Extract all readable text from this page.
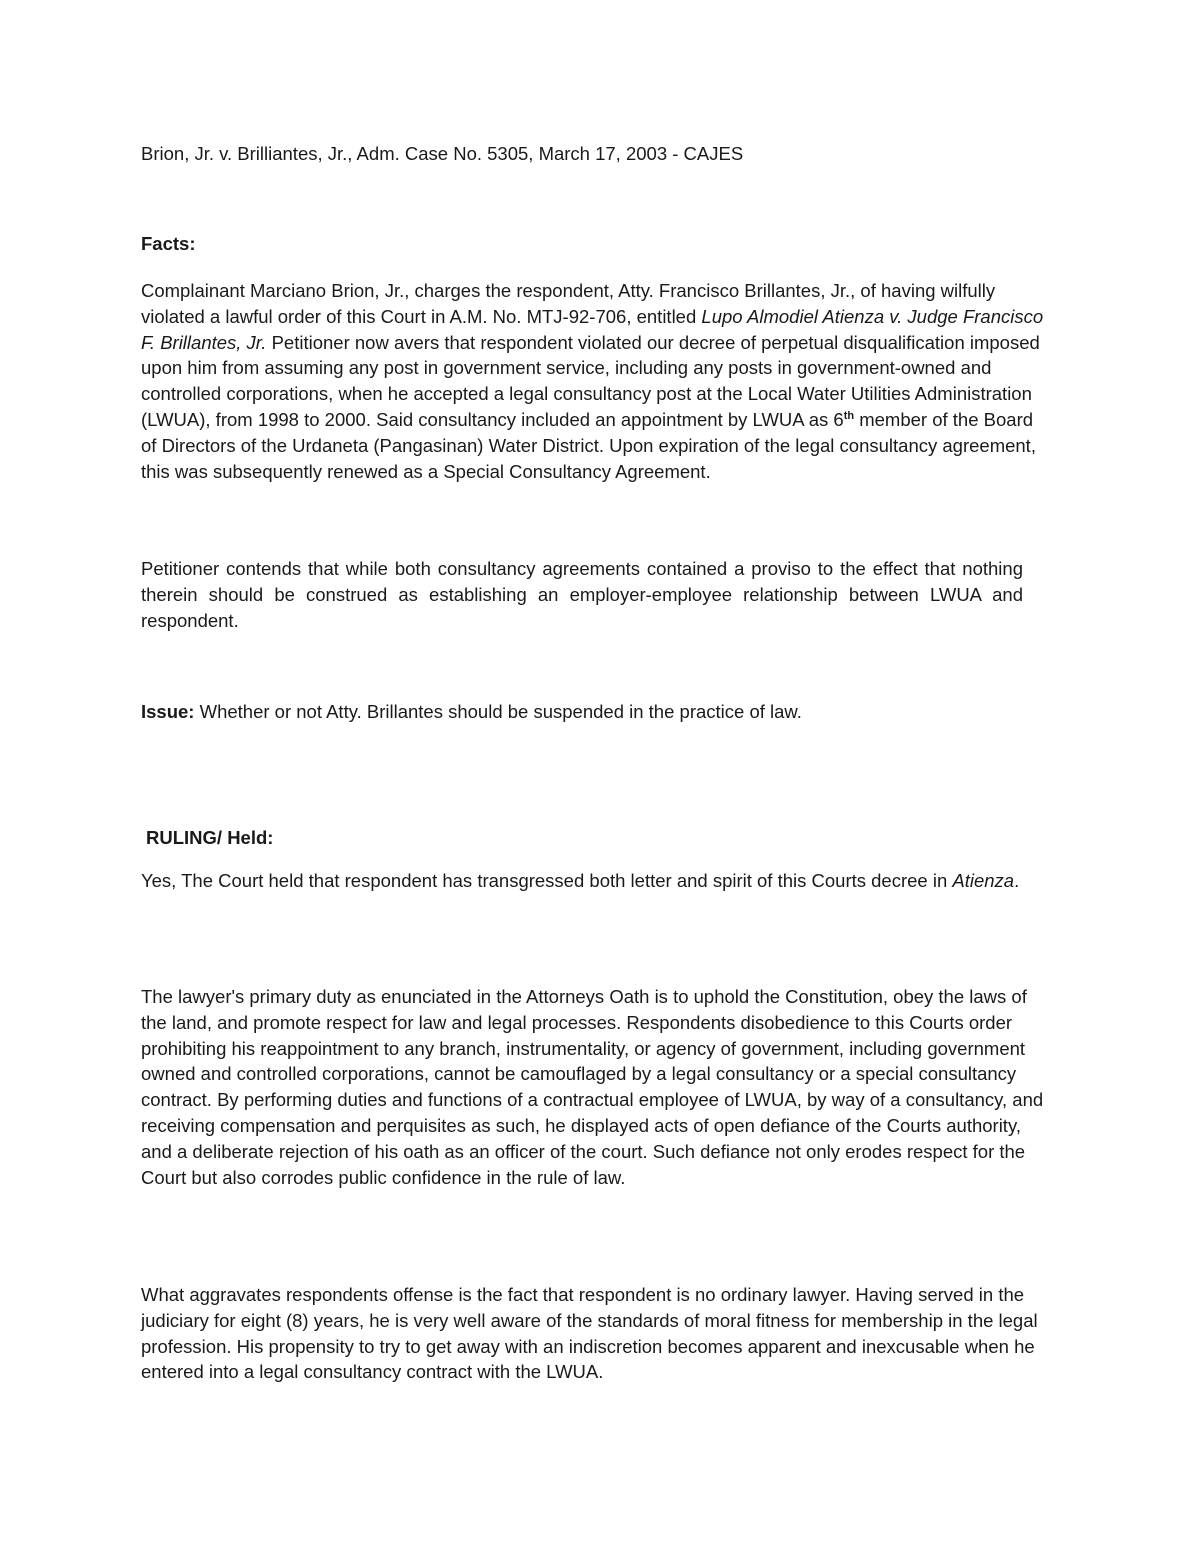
Brion, Jr. v. Brilliantes, Jr., Adm. Case No. 5305, March 17, 2003 - CAJES
Facts:
Complainant Marciano Brion, Jr., charges the respondent, Atty. Francisco Brillantes, Jr., of having wilfully violated a lawful order of this Court in A.M. No. MTJ-92-706, entitled Lupo Almodiel Atienza v. Judge Francisco F. Brillantes, Jr. Petitioner now avers that respondent violated our decree of perpetual disqualification imposed upon him from assuming any post in government service, including any posts in government-owned and controlled corporations, when he accepted a legal consultancy post at the Local Water Utilities Administration (LWUA), from 1998 to 2000. Said consultancy included an appointment by LWUA as 6th member of the Board of Directors of the Urdaneta (Pangasinan) Water District. Upon expiration of the legal consultancy agreement, this was subsequently renewed as a Special Consultancy Agreement.
Petitioner contends that while both consultancy agreements contained a proviso to the effect that nothing therein should be construed as establishing an employer-employee relationship between LWUA and respondent.
Issue: Whether or not Atty. Brillantes should be suspended in the practice of law.
RULING/ Held:
Yes, The Court held that respondent has transgressed both letter and spirit of this Courts decree in Atienza.
The lawyer's primary duty as enunciated in the Attorneys Oath is to uphold the Constitution, obey the laws of the land, and promote respect for law and legal processes. Respondents disobedience to this Courts order prohibiting his reappointment to any branch, instrumentality, or agency of government, including government owned and controlled corporations, cannot be camouflaged by a legal consultancy or a special consultancy contract. By performing duties and functions of a contractual employee of LWUA, by way of a consultancy, and receiving compensation and perquisites as such, he displayed acts of open defiance of the Courts authority, and a deliberate rejection of his oath as an officer of the court. Such defiance not only erodes respect for the Court but also corrodes public confidence in the rule of law.
What aggravates respondents offense is the fact that respondent is no ordinary lawyer. Having served in the judiciary for eight (8) years, he is very well aware of the standards of moral fitness for membership in the legal profession. His propensity to try to get away with an indiscretion becomes apparent and inexcusable when he entered into a legal consultancy contract with the LWUA.
